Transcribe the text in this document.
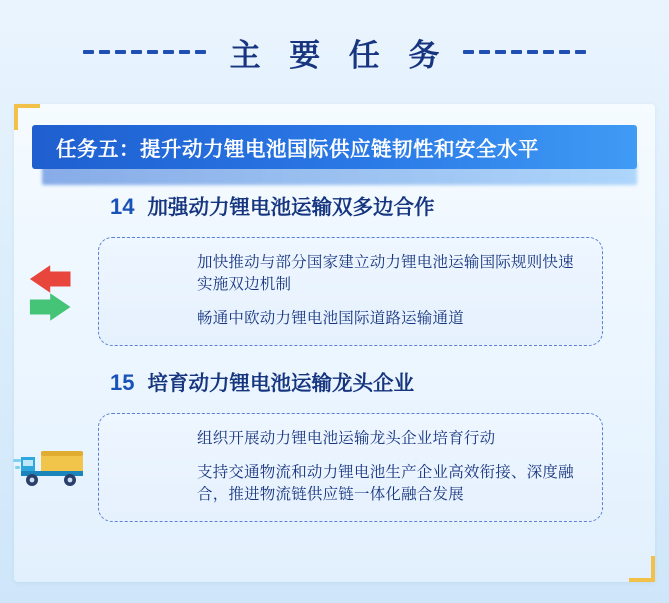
主 要 任 务
任务五：提升动力锂电池国际供应链韧性和安全水平
14 加强动力锂电池运输双多边合作

加快推动与部分国家建立动力锂电池运输国际规则快速实施双边机制

畅通中欧动力锂电池国际道路运输通道

15 培育动力锂电池运输龙头企业

组织开展动力锂电池运输龙头企业培育行动

支持交通物流和动力锂电池生产企业高效衔接、深度融合，推进物流链供应链一体化融合发展
